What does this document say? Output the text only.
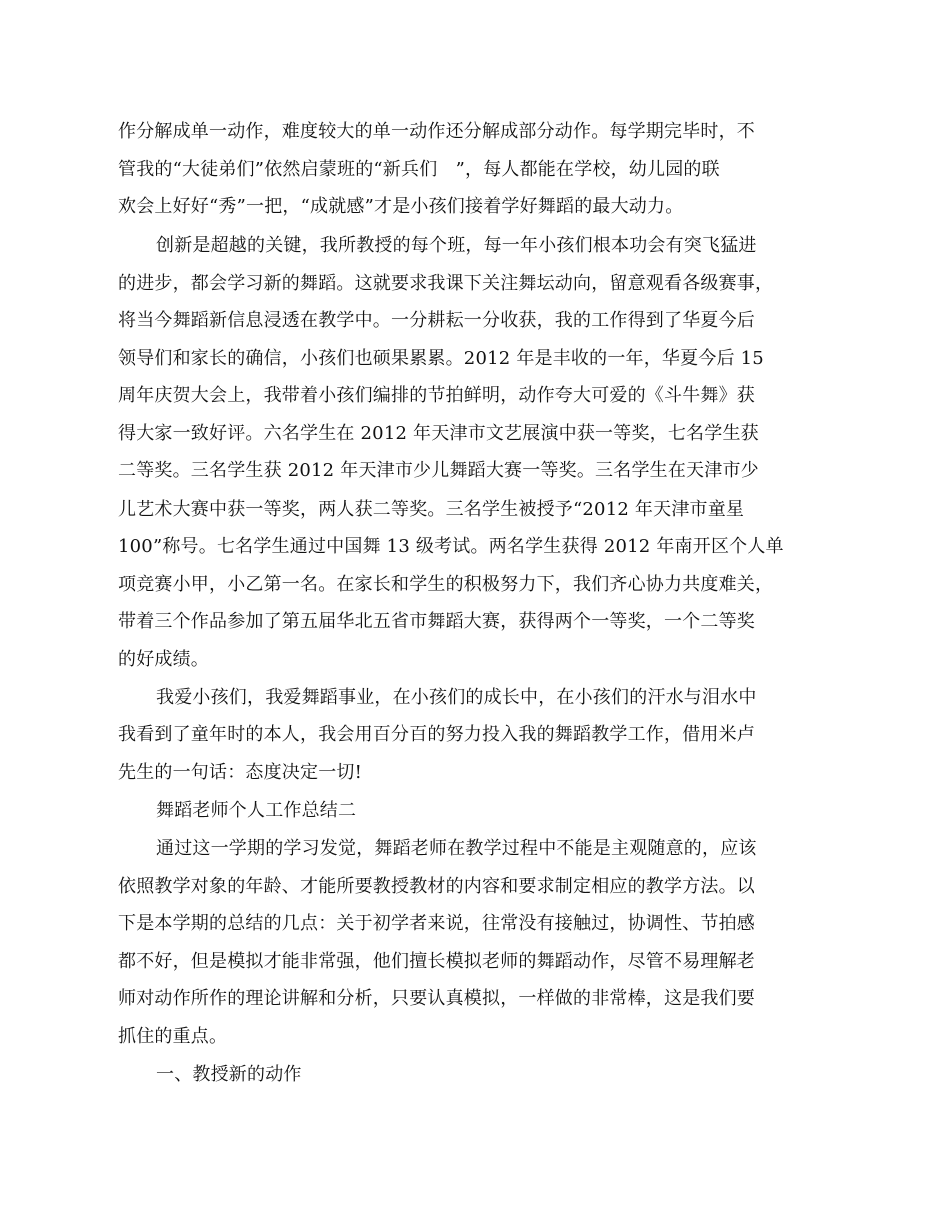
作分解成单一动作，难度较大的单一动作还分解成部分动作。每学期完毕时，不
管我的“大徒弟们”依然启蒙班的“新兵们　”，每人都能在学校，幼儿园的联
欢会上好好“秀”一把，“成就感”才是小孩们接着学好舞蹈的最大动力。
创新是超越的关键，我所教授的每个班，每一年小孩们根本功会有突飞猛进
的进步，都会学习新的舞蹈。这就要求我课下关注舞坛动向，留意观看各级赛事，
将当今舞蹈新信息浸透在教学中。一分耕耘一分收获，我的工作得到了华夏今后
领导们和家长的确信，小孩们也硕果累累。2012 年是丰收的一年，华夏今后 15
周年庆贺大会上，我带着小孩们编排的节拍鲜明，动作夸大可爱的《斗牛舞》获
得大家一致好评。六名学生在 2012 年天津市文艺展演中获一等奖，七名学生获
二等奖。三名学生获 2012 年天津市少儿舞蹈大赛一等奖。三名学生在天津市少
儿艺术大赛中获一等奖，两人获二等奖。三名学生被授予“2012 年天津市童星
100”称号。七名学生通过中国舞 13 级考试。两名学生获得 2012 年南开区个人单
项竞赛小甲，小乙第一名。在家长和学生的积极努力下，我们齐心协力共度难关，
带着三个作品参加了第五届华北五省市舞蹈大赛，获得两个一等奖，一个二等奖
的好成绩。
我爱小孩们，我爱舞蹈事业，在小孩们的成长中，在小孩们的汗水与泪水中
我看到了童年时的本人，我会用百分百的努力投入我的舞蹈教学工作，借用米卢
先生的一句话：态度决定一切!
舞蹈老师个人工作总结二
通过这一学期的学习发觉，舞蹈老师在教学过程中不能是主观随意的，应该
依照教学对象的年龄、才能所要教授教材的内容和要求制定相应的教学方法。以
下是本学期的总结的几点：关于初学者来说，往常没有接触过，协调性、节拍感
都不好，但是模拟才能非常强，他们擅长模拟老师的舞蹈动作，尽管不易理解老
师对动作所作的理论讲解和分析，只要认真模拟，一样做的非常棒，这是我们要
抓住的重点。
一、教授新的动作
